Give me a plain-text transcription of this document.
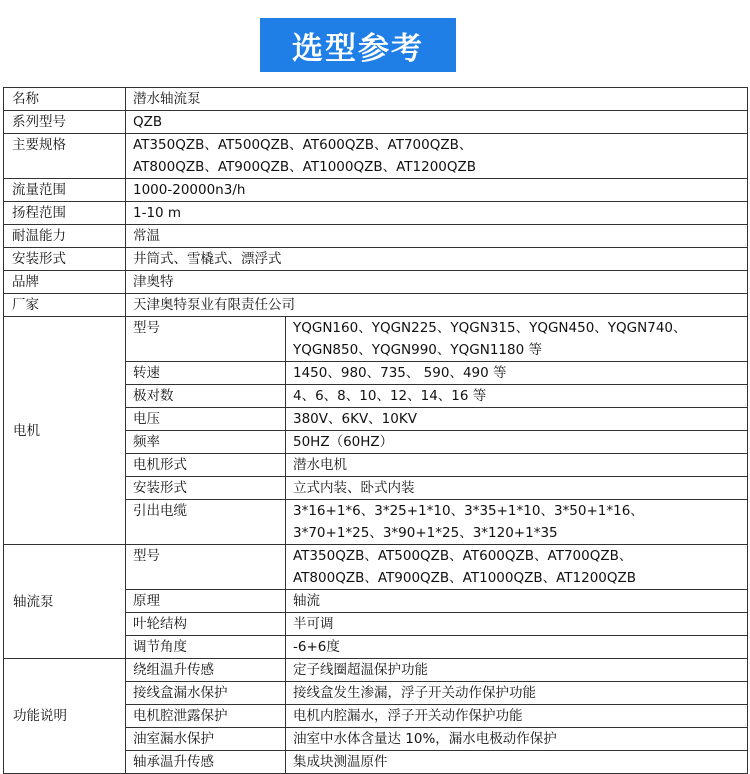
选型参考
名称	潜水轴流泵	
系列型号	QZB	
主要规格	AT350QZB、AT500QZB、AT600QZB、AT700QZB、
AT800QZB、AT900QZB、AT1000QZB、AT1200QZB	

流量范围	1000-20000n3/h	
扬程范围	1-10 m	
耐温能力	常温	
安装形式	井筒式、雪橇式、漂浮式	
品牌	津奥特	
厂家	天津奥特泵业有限责任公司	
电机	型号	YQGN160、YQGN225、YQGN315、YQGN450、YQGN740、
YQGN850、YQGN990、YQGN1180 等

	转速	1450、980、735、 590、490 等
	极对数	4、6、8、10、12、14、16 等
	电压	380V、6KV、10KV
	频率	50HZ（60HZ）
	电机形式	潜水电机
	安装形式	立式内装、卧式内装
	引出电缆	3*16+1*6、3*25+1*10、3*35+1*10、3*50+1*16、
3*70+1*25、3*90+1*25、3*120+1*35

轴流泵	型号	AT350QZB、AT500QZB、AT600QZB、AT700QZB、
AT800QZB、AT900QZB、AT1000QZB、AT1200QZB

	原理	轴流
	叶轮结构	半可调
	调节角度	-6+6度
功能说明	绕组温升传感	定子线圈超温保护功能
	接线盒漏水保护	接线盒发生渗漏，浮子开关动作保护功能
	电机腔泄露保护	电机内腔漏水，浮子开关动作保护功能
	油室漏水保护	油室中水体含量达 10%，漏水电极动作保护
	轴承温升传感	集成块测温原件
